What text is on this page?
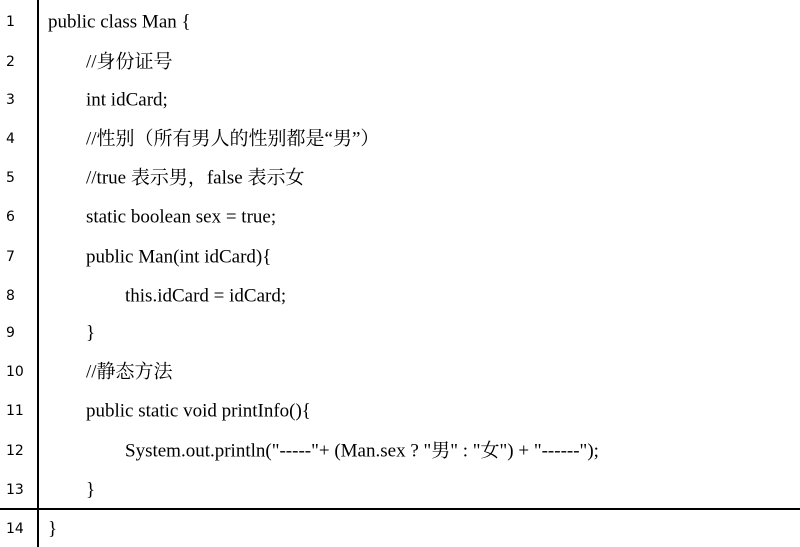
1 public class Man {
2	//身份证号
3	int idCard;
4	//性别（所有男人的性别都是“男”）
5	//true 表示男，false 表示女
6	static boolean sex = true;
7	public Man(int idCard){
8	this.idCard = idCard;
9	}
10	//静态方法
11	public static void printInfo(){
12	System.out.println("-----"+ (Man.sex ? "男" : "女") + "------");
13	}
14 }
